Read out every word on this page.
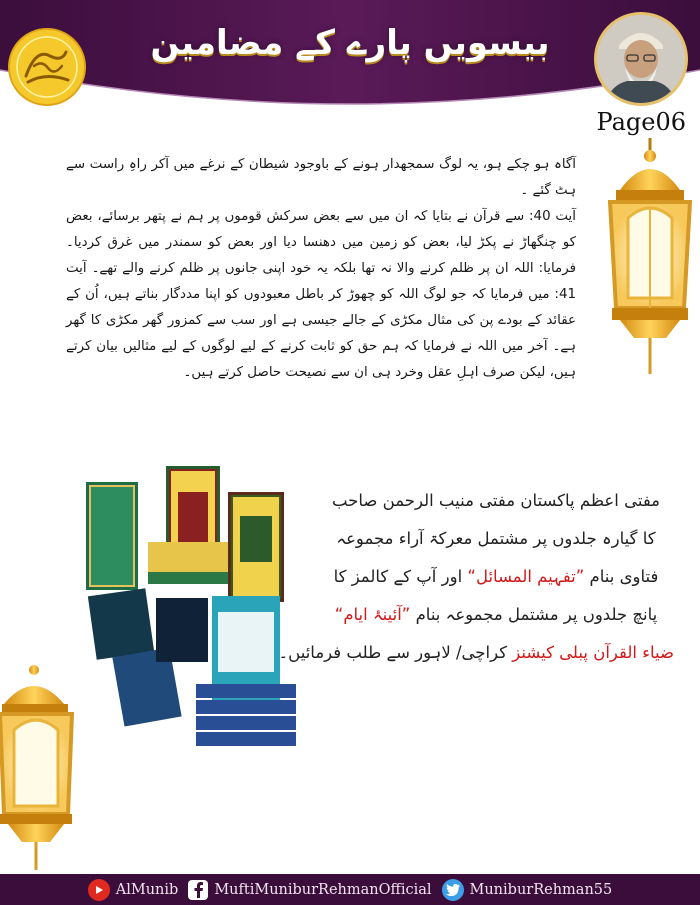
بیسویں پارے کے مضامین
Page06

آگاہ ہو چکے ہو، یہ لوگ سمجھدار ہونے کے باوجود شیطان کے نرغے میں آکر راہِ راست سے ہٹ گئے ۔

آیت 40: سے قرآن نے بتایا کہ ان میں سے بعض سرکش قوموں پر ہم نے پتھر برسائے، بعض کو چنگھاڑ نے پکڑ لیا، بعض کو زمین میں دھنسا دیا اور بعض کو سمندر میں غرق کردیا۔ فرمایا: اللہ ان پر ظلم کرنے والا نہ تھا بلکہ یہ خود اپنی جانوں پر ظلم کرنے والے تھے۔ آیت 41: میں فرمایا کہ جو لوگ اللہ کو چھوڑ کر باطل معبودوں کو اپنا مددگار بناتے ہیں، اُن کے عقائد کے بودے پن کی مثال مکڑی کے جالے جیسی ہے اور سب سے کمزور گھر مکڑی کا گھر ہے۔ آخر میں اللہ نے فرمایا کہ ہم حق کو ثابت کرنے کے لیے لوگوں کے لیے مثالیں بیان کرتے ہیں، لیکن صرف اہلِ عقل وخرد ہی ان سے نصیحت حاصل کرتے ہیں۔

مفتی اعظم پاکستان مفتی منیب الرحمن صاحب
کا گیارہ جلدوں پر مشتمل معرکۃ آراء مجموعہ
فتاوی بنام ”تفہیم المسائل“ اور آپ کے کالمز کا
پانچ جلدوں پر مشتمل مجموعہ بنام ”آئینۂ ایام“
ضیاء القرآن پبلی کیشنز کراچی/ لاہور سے طلب فرمائیں۔
AlMunib MuftiMuniburRehmanOfficial	MuniburRehman55
